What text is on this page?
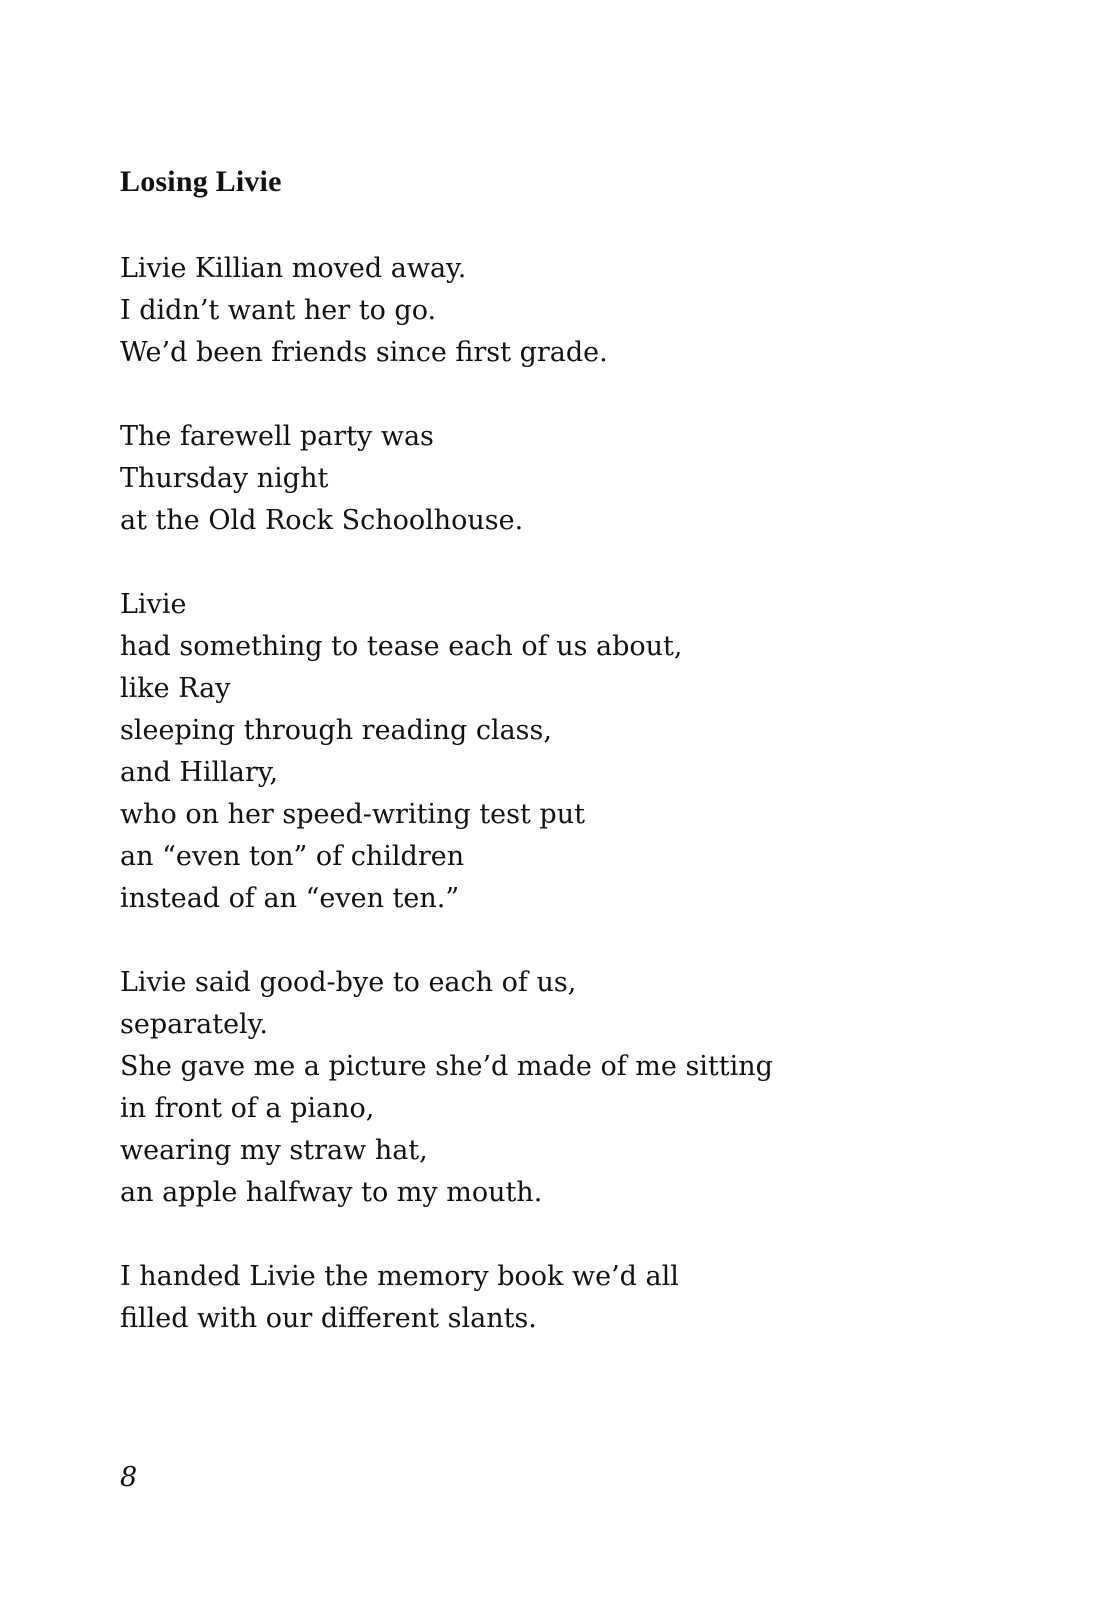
Losing Livie
Livie Killian moved away.
I didn’t want her to go.
We’d been friends since first grade.
The farewell party was
Thursday night
at the Old Rock Schoolhouse.
Livie
had something to tease each of us about,
like Ray
sleeping through reading class,
and Hillary,
who on her speed-writing test put
an “even ton” of children
instead of an “even ten.”
Livie said good-bye to each of us,
separately.
She gave me a picture she’d made of me sitting
in front of a piano,
wearing my straw hat,
an apple halfway to my mouth.
I handed Livie the memory book we’d all
filled with our different slants.
8
